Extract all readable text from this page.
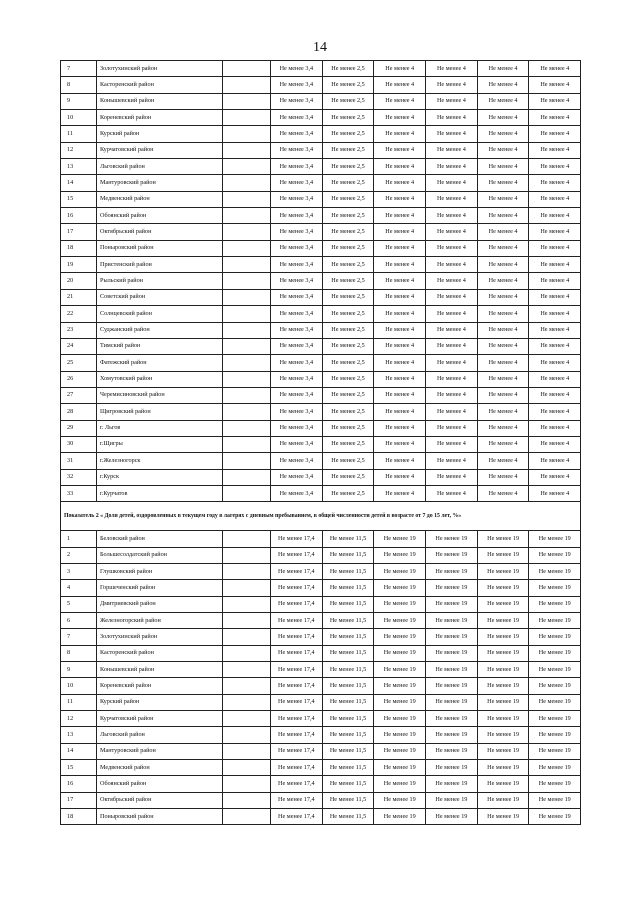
14
7	Золотухинский район		Не менее 3,4	Не менее 2,5	Не менее 4	Не менее 4	Не менее 4	Не менее 4
8	Касторенский район		Не менее 3,4	Не менее 2,5	Не менее 4	Не менее 4	Не менее 4	Не менее 4
9	Конышевский район		Не менее 3,4	Не менее 2,5	Не менее 4	Не менее 4	Не менее 4	Не менее 4
10	Кореневский район		Не менее 3,4	Не менее 2,5	Не менее 4	Не менее 4	Не менее 4	Не менее 4
11	Курский район		Не менее 3,4	Не менее 2,5	Не менее 4	Не менее 4	Не менее 4	Не менее 4
12	Курчатовский район		Не менее 3,4	Не менее 2,5	Не менее 4	Не менее 4	Не менее 4	Не менее 4
13	Льговский район		Не менее 3,4	Не менее 2,5	Не менее 4	Не менее 4	Не менее 4	Не менее 4
14	Мантуровский район		Не менее 3,4	Не менее 2,5	Не менее 4	Не менее 4	Не менее 4	Не менее 4
15	Медвенский район		Не менее 3,4	Не менее 2,5	Не менее 4	Не менее 4	Не менее 4	Не менее 4
16	Обоянский район		Не менее 3,4	Не менее 2,5	Не менее 4	Не менее 4	Не менее 4	Не менее 4
17	Октябрьский район		Не менее 3,4	Не менее 2,5	Не менее 4	Не менее 4	Не менее 4	Не менее 4
18	Поныровский район		Не менее 3,4	Не менее 2,5	Не менее 4	Не менее 4	Не менее 4	Не менее 4
19	Пристенский район		Не менее 3,4	Не менее 2,5	Не менее 4	Не менее 4	Не менее 4	Не менее 4
20	Рыльский район		Не менее 3,4	Не менее 2,5	Не менее 4	Не менее 4	Не менее 4	Не менее 4
21	Советский район		Не менее 3,4	Не менее 2,5	Не менее 4	Не менее 4	Не менее 4	Не менее 4
22	Солнцевский район		Не менее 3,4	Не менее 2,5	Не менее 4	Не менее 4	Не менее 4	Не менее 4
23	Суджанский район		Не менее 3,4	Не менее 2,5	Не менее 4	Не менее 4	Не менее 4	Не менее 4
24	Тимский район		Не менее 3,4	Не менее 2,5	Не менее 4	Не менее 4	Не менее 4	Не менее 4
25	Фатежский район		Не менее 3,4	Не менее 2,5	Не менее 4	Не менее 4	Не менее 4	Не менее 4
26	Хомутовский район		Не менее 3,4	Не менее 2,5	Не менее 4	Не менее 4	Не менее 4	Не менее 4
27	Черемисиновский район		Не менее 3,4	Не менее 2,5	Не менее 4	Не менее 4	Не менее 4	Не менее 4
28	Щигровский район		Не менее 3,4	Не менее 2,5	Не менее 4	Не менее 4	Не менее 4	Не менее 4
29	г. Льгов		Не менее 3,4	Не менее 2,5	Не менее 4	Не менее 4	Не менее 4	Не менее 4
30	г.Щигры		Не менее 3,4	Не менее 2,5	Не менее 4	Не менее 4	Не менее 4	Не менее 4
31	г.Железногорск		Не менее 3,4	Не менее 2,5	Не менее 4	Не менее 4	Не менее 4	Не менее 4
32	г.Курск		Не менее 3,4	Не менее 2,5	Не менее 4	Не менее 4	Не менее 4	Не менее 4
33	г.Курчатов		Не менее 3,4	Не менее 2,5	Не менее 4	Не менее 4	Не менее 4	Не менее 4
Показатель 2 « Доля детей, оздоровленных в текущем году в лагерях с дневным пребыванием, в общей численности детей в возрасте от 7 до 15 лет, %»								
1	Беловский район		Не менее 17,4	Не менее 11,5	Не менее 19	Не менее 19	Не менее 19	Не менее 19
2	Большесолдатский район		Не менее 17,4	Не менее 11,5	Не менее 19	Не менее 19	Не менее 19	Не менее 19
3	Глушковский район		Не менее 17,4	Не менее 11,5	Не менее 19	Не менее 19	Не менее 19	Не менее 19
4	Горшеченский район		Не менее 17,4	Не менее 11,5	Не менее 19	Не менее 19	Не менее 19	Не менее 19
5	Дмитриевский район		Не менее 17,4	Не менее 11,5	Не менее 19	Не менее 19	Не менее 19	Не менее 19
6	Железногорский район		Не менее 17,4	Не менее 11,5	Не менее 19	Не менее 19	Не менее 19	Не менее 19
7	Золотухинский район		Не менее 17,4	Не менее 11,5	Не менее 19	Не менее 19	Не менее 19	Не менее 19
8	Касторенский район		Не менее 17,4	Не менее 11,5	Не менее 19	Не менее 19	Не менее 19	Не менее 19
9	Конышевский район		Не менее 17,4	Не менее 11,5	Не менее 19	Не менее 19	Не менее 19	Не менее 19
10	Кореневский район		Не менее 17,4	Не менее 11,5	Не менее 19	Не менее 19	Не менее 19	Не менее 19
11	Курский район		Не менее 17,4	Не менее 11,5	Не менее 19	Не менее 19	Не менее 19	Не менее 19
12	Курчатовский район		Не менее 17,4	Не менее 11,5	Не менее 19	Не менее 19	Не менее 19	Не менее 19
13	Льговский район		Не менее 17,4	Не менее 11,5	Не менее 19	Не менее 19	Не менее 19	Не менее 19
14	Мантуровский район		Не менее 17,4	Не менее 11,5	Не менее 19	Не менее 19	Не менее 19	Не менее 19
15	Медвенский район		Не менее 17,4	Не менее 11,5	Не менее 19	Не менее 19	Не менее 19	Не менее 19
16	Обоянский район		Не менее 17,4	Не менее 11,5	Не менее 19	Не менее 19	Не менее 19	Не менее 19
17	Октябрьский район		Не менее 17,4	Не менее 11,5	Не менее 19	Не менее 19	Не менее 19	Не менее 19
18	Поныровский район		Не менее 17,4	Не менее 11,5	Не менее 19	Не менее 19	Не менее 19	Не менее 19
